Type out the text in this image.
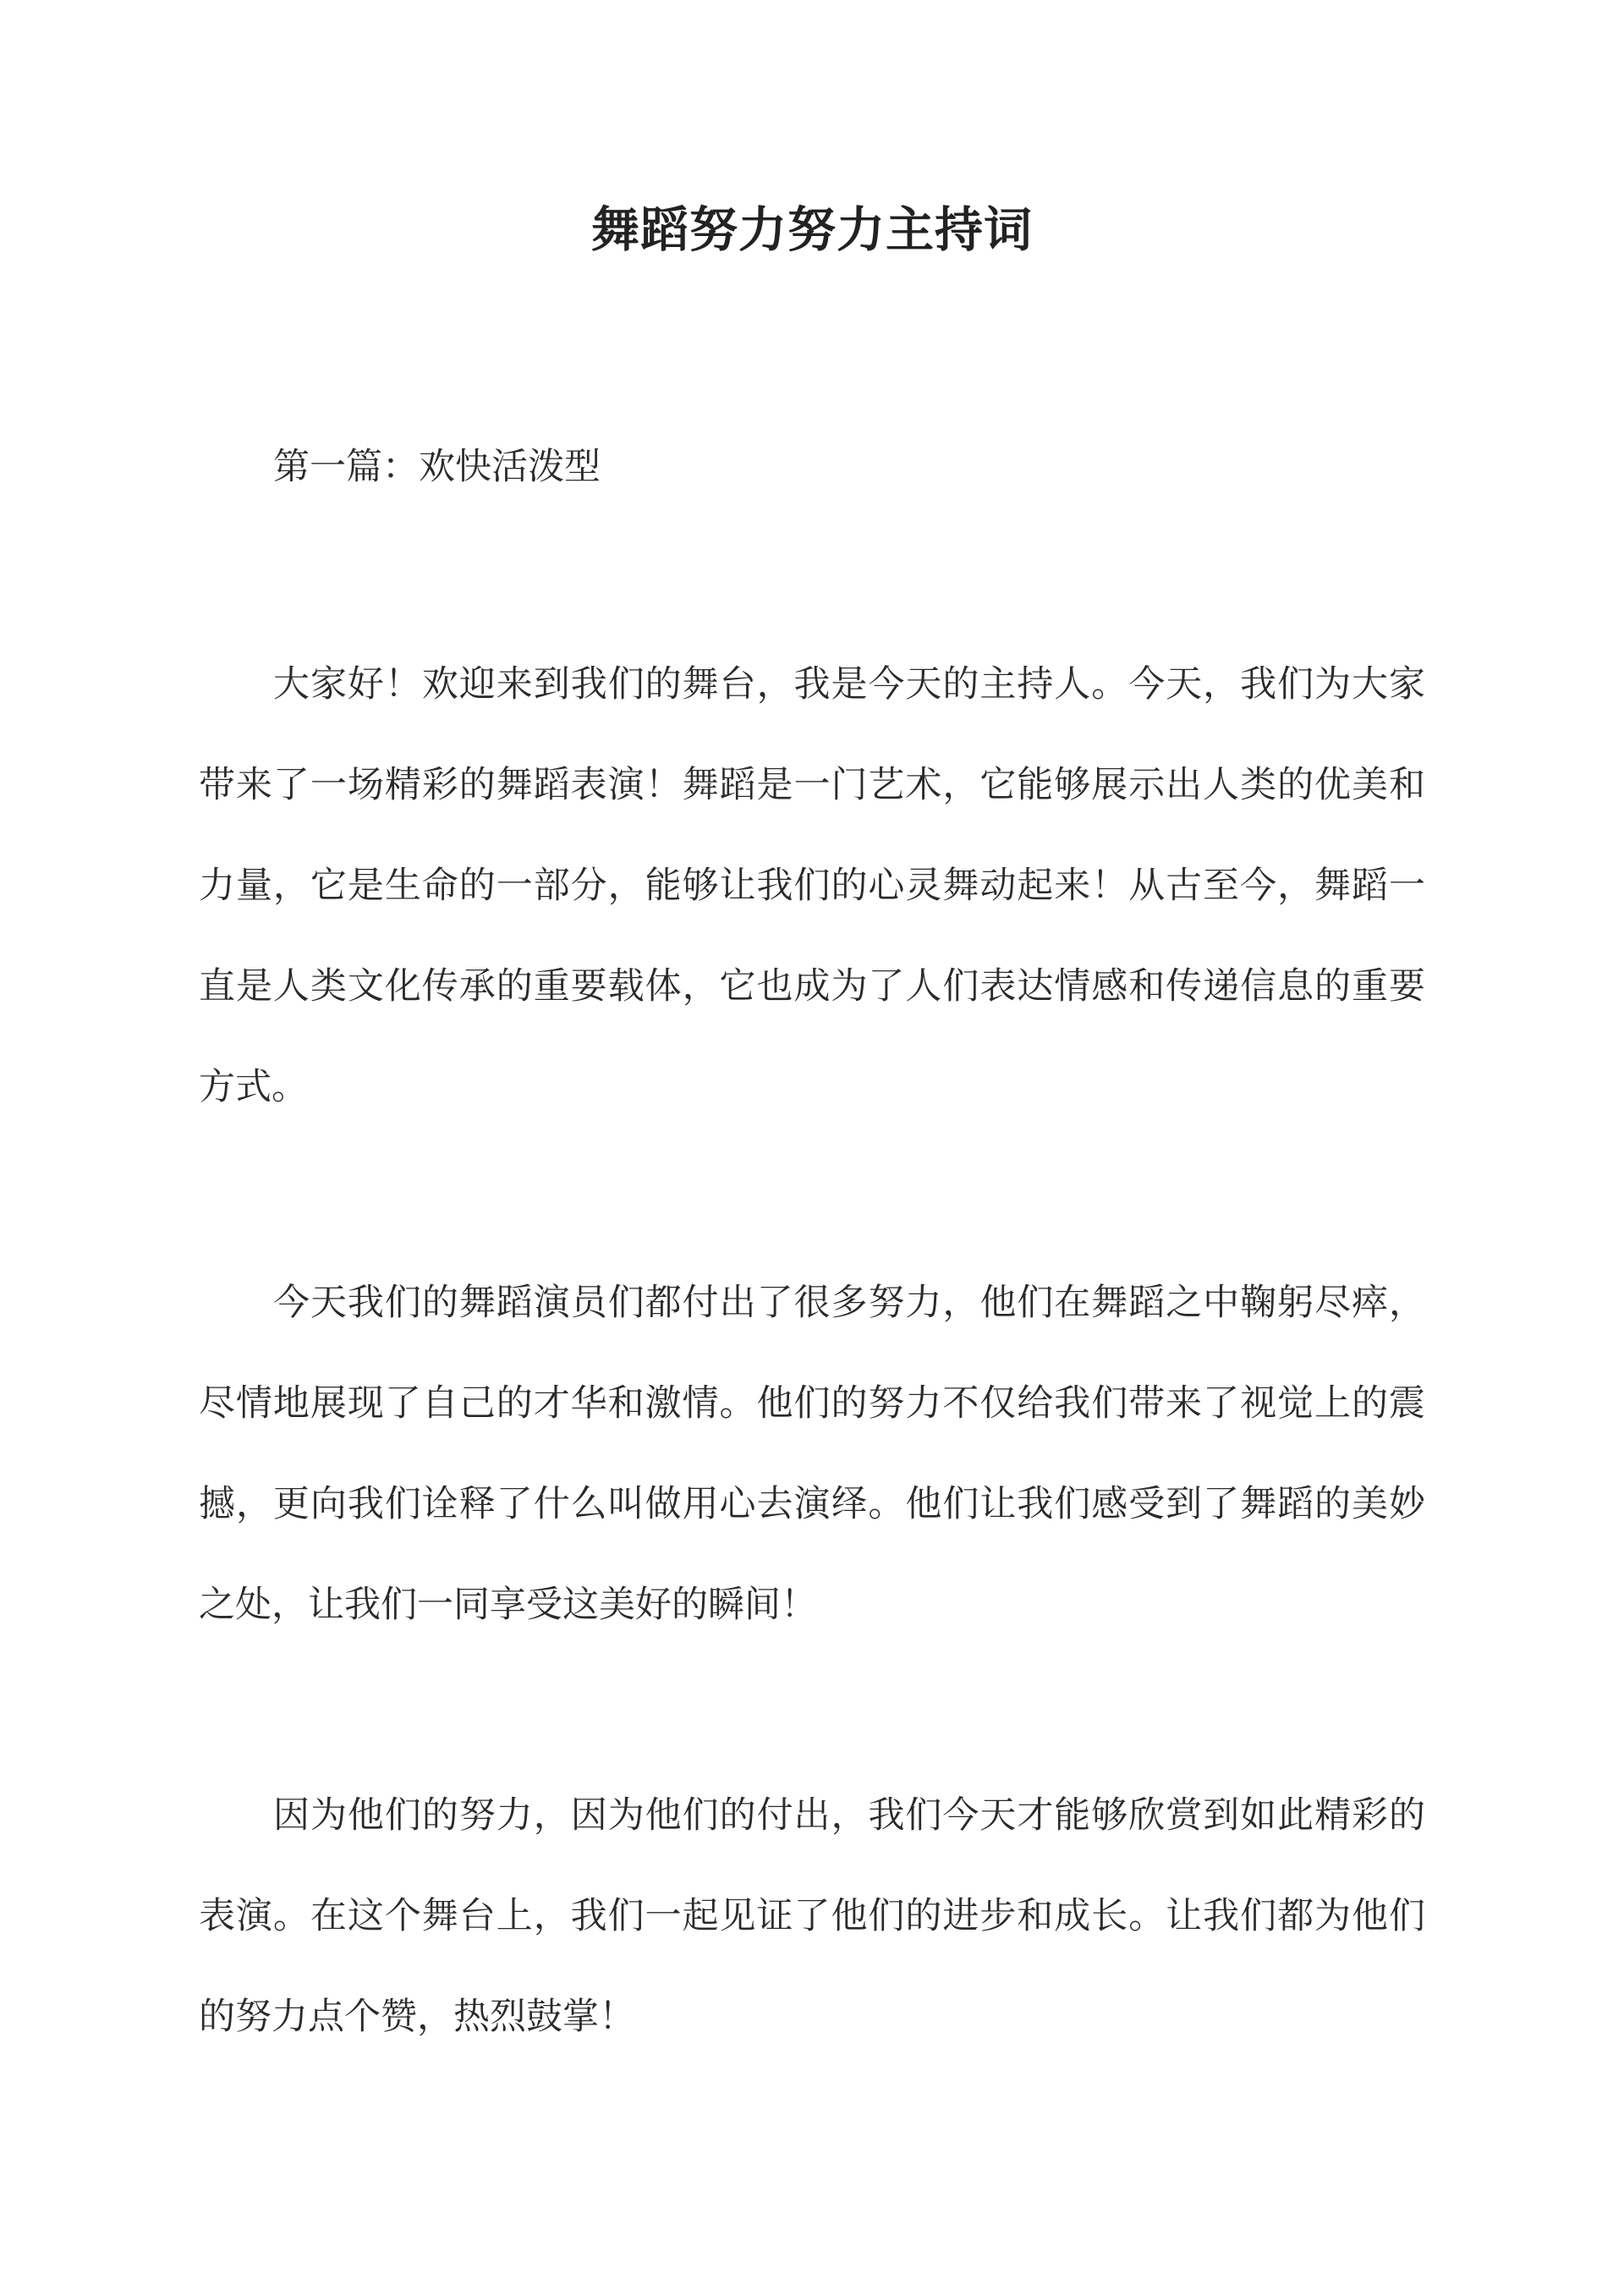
舞蹈努力努力主持词

第一篇：欢快活泼型

大家好！欢迎来到我们的舞台，我是今天的主持人。今天，我们为大家带来了一场精彩的舞蹈表演！舞蹈是一门艺术，它能够展示出人类的优美和力量，它是生命的一部分，能够让我们的心灵舞动起来！从古至今，舞蹈一直是人类文化传承的重要载体，它也成为了人们表达情感和传递信息的重要方式。

今天我们的舞蹈演员们都付出了很多努力，他们在舞蹈之中鞠躬尽瘁，尽情地展现了自己的才华和激情。他们的努力不仅给我们带来了视觉上的震撼，更向我们诠释了什么叫做用心去演绎。他们让我们感受到了舞蹈的美妙之处，让我们一同享受这美好的瞬间！

因为他们的努力，因为他们的付出，我们今天才能够欣赏到如此精彩的表演。在这个舞台上，我们一起见证了他们的进步和成长。让我们都为他们的努力点个赞，热烈鼓掌！
